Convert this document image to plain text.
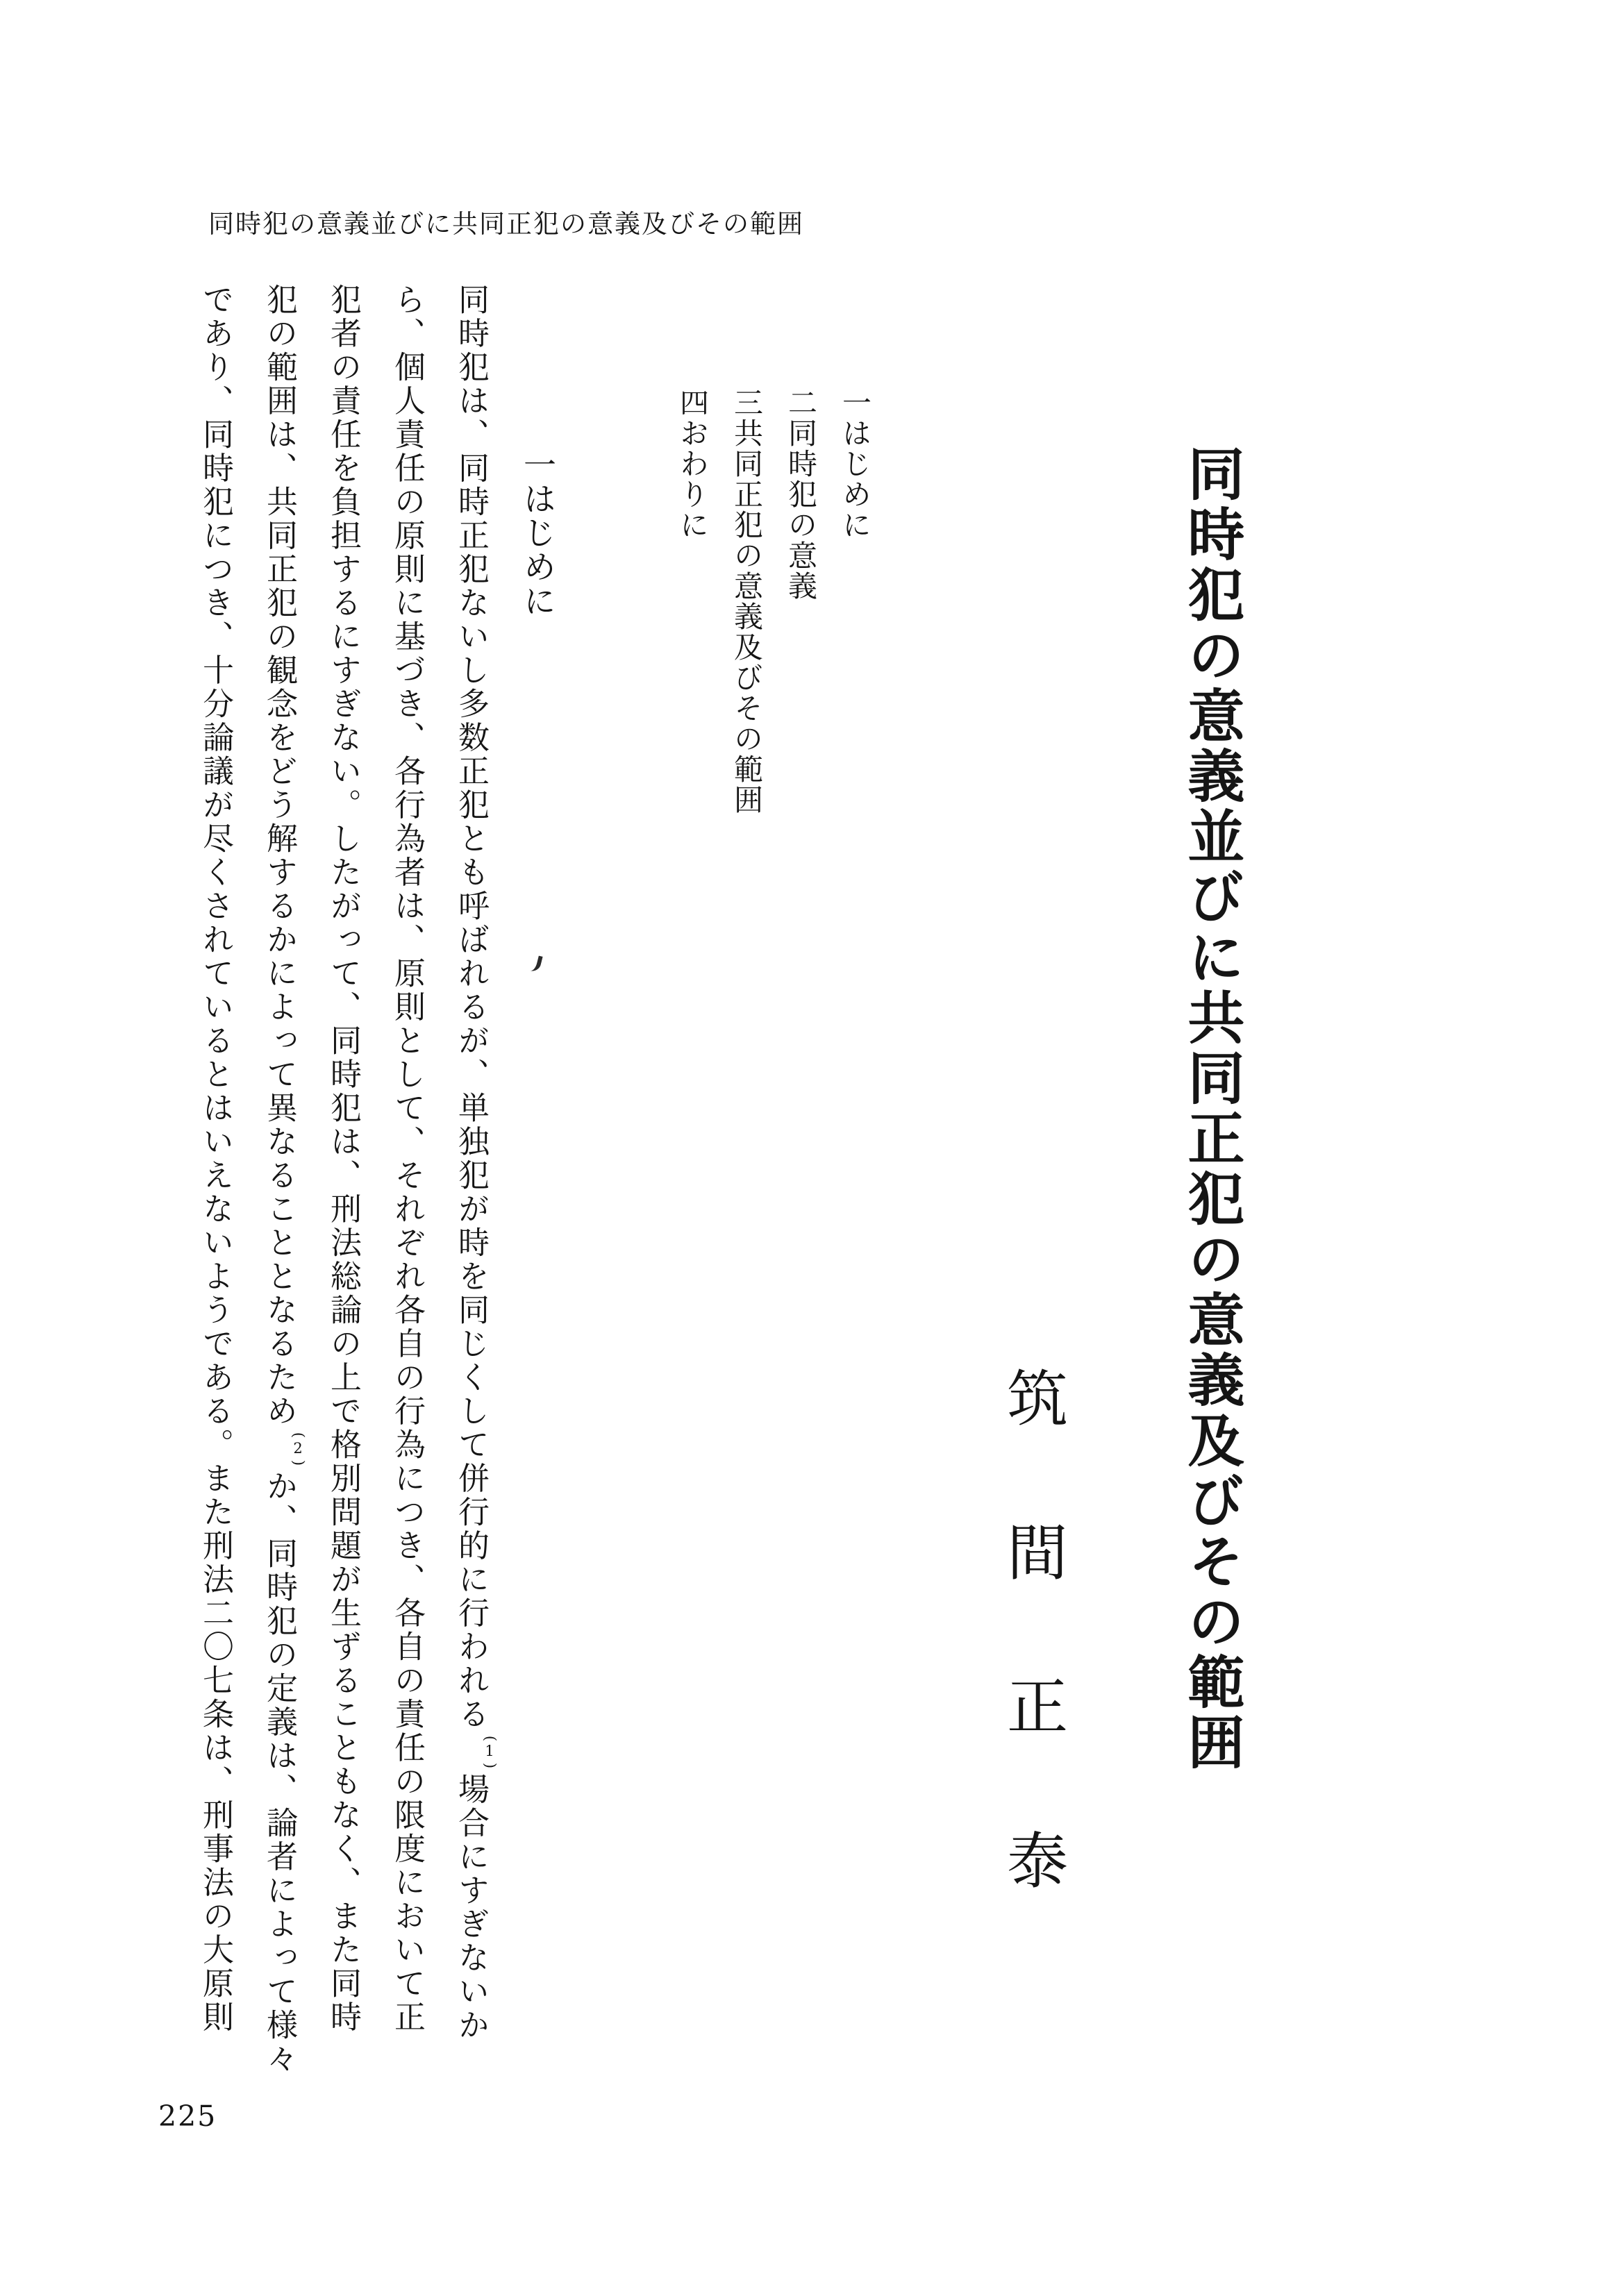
同時犯の意義並びに共同正犯の意義及びその範囲
同時犯の意義並びに共同正犯の意義及びその範囲
筑間正泰
一はじめに
二同時犯の意義
三共同正犯の意義及びその範囲
四おわりに
一はじめに
同時犯は、同時正犯ないし多数正犯とも呼ばれるが、単独犯が時を同じくして併行的に行われる
( 1
)場合にすぎないか
ら、個人責任の原則に基づき、各行為者は、原則として、それぞれ各自の行為につき、各自の責任の限度において正
犯者の責任を負担するにすぎない。したがって、同時犯は、刑法総論の上で格別問題が生ずることもなく、また同時
犯の範囲は、共同正犯の観念をどう解するかによって異なることとなるため
( 2
)か、同時犯の定義は、論者によって様々
であり、同時犯につき、十分論議が尽くされているとはいえないようである。また刑法二〇七条は、刑事法の大原則
225
